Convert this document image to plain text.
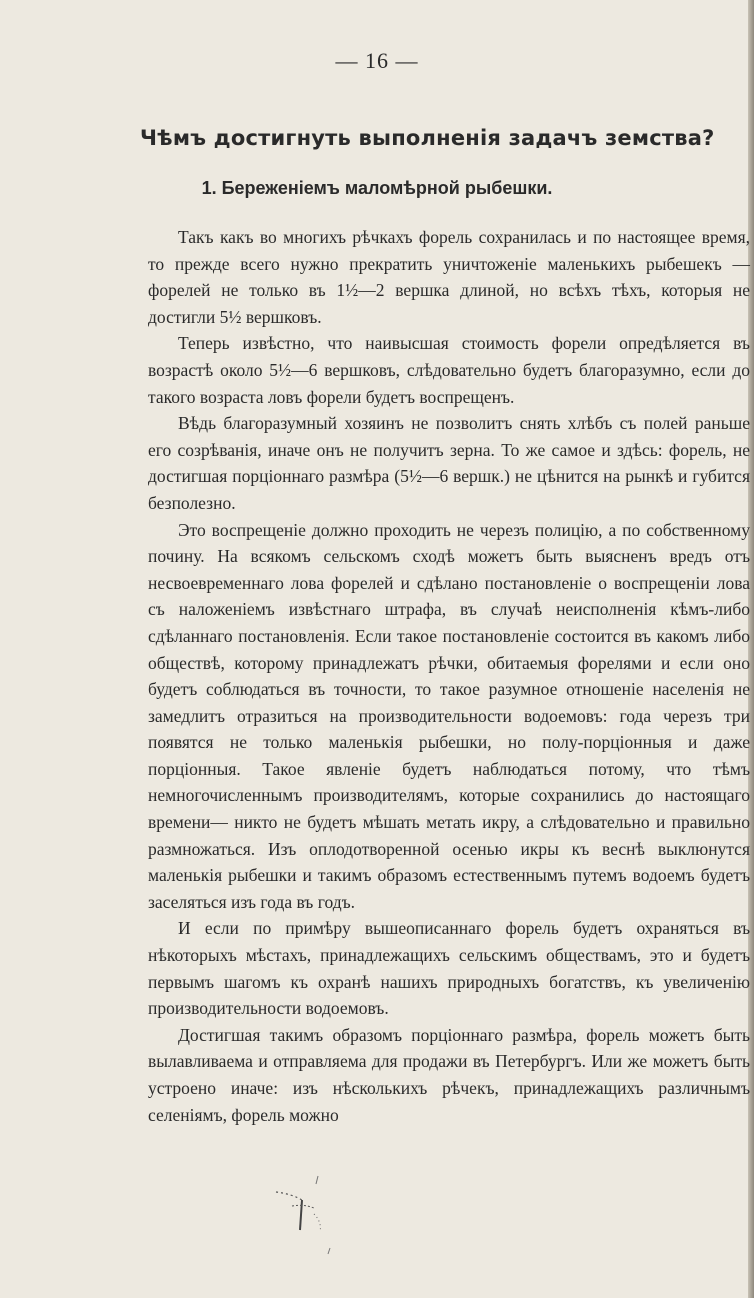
— 16 —
Чѣмъ достигнуть выполненія задачъ земства?
1. Береженіемъ маломѣрной рыбешки.

Такъ какъ во многихъ рѣчкахъ форель сохранилась и по настоящее время, то прежде всего нужно прекратить уничтоженіе маленькихъ рыбешекъ — форелей не только въ 1½—2 вершка длиной, но всѣхъ тѣхъ, которыя не достигли 5½ вершковъ.

Теперь извѣстно, что наивысшая стоимость форели опредѣляется въ возрастѣ около 5½—6 вершковъ, слѣдовательно будетъ благоразумно, если до такого возраста ловъ форели будетъ воспрещенъ.

Вѣдь благоразумный хозяинъ не позволитъ снять хлѣбъ съ полей раньше его созрѣванія, иначе онъ не получитъ зерна. То же самое и здѣсь: форель, не достигшая порціоннаго размѣра (5½—6 вершк.) не цѣнится на рынкѣ и губится безполезно.

Это воспрещеніе должно проходить не черезъ полицію, а по собственному почину. На всякомъ сельскомъ сходѣ можетъ быть выясненъ вредъ отъ несвоевременнаго лова форелей и сдѣлано постановленіе о воспрещеніи лова съ наложеніемъ извѣстнаго штрафа, въ случаѣ неисполненія кѣмъ-либо сдѣланнаго постановленія. Если такое постановленіе состоится въ какомъ либо обществѣ, которому принадлежатъ рѣчки, обитаемыя форелями и если оно будетъ соблюдаться въ точности, то такое разумное отношеніе населенія не замедлитъ отразиться на производительности водоемовъ: года черезъ три появятся не только маленькія рыбешки, но полу-порціонныя и даже порціонныя. Такое явленіе будетъ наблюдаться потому, что тѣмъ немногочисленнымъ производителямъ, которые сохранились до настоящаго времени— никто не будетъ мѣшать метать икру, а слѣдовательно и правильно размножаться. Изъ оплодотворенной осенью икры къ веснѣ выклюнутся маленькія рыбешки и такимъ образомъ естественнымъ путемъ водоемъ будетъ заселяться изъ года въ годъ.

И если по примѣру вышеописаннаго форель будетъ охраняться въ нѣкоторыхъ мѣстахъ, принадлежащихъ сельскимъ обществамъ, это и будетъ первымъ шагомъ къ охранѣ нашихъ природныхъ богатствъ, къ увеличенію производительности водоемовъ.

Достигшая такимъ образомъ порціоннаго размѣра, форель можетъ быть вылавливаема и отправляема для продажи въ Петербургъ. Или же можетъ быть устроено иначе: изъ нѣсколькихъ рѣчекъ, принадлежащихъ различнымъ селеніямъ, форель можно
